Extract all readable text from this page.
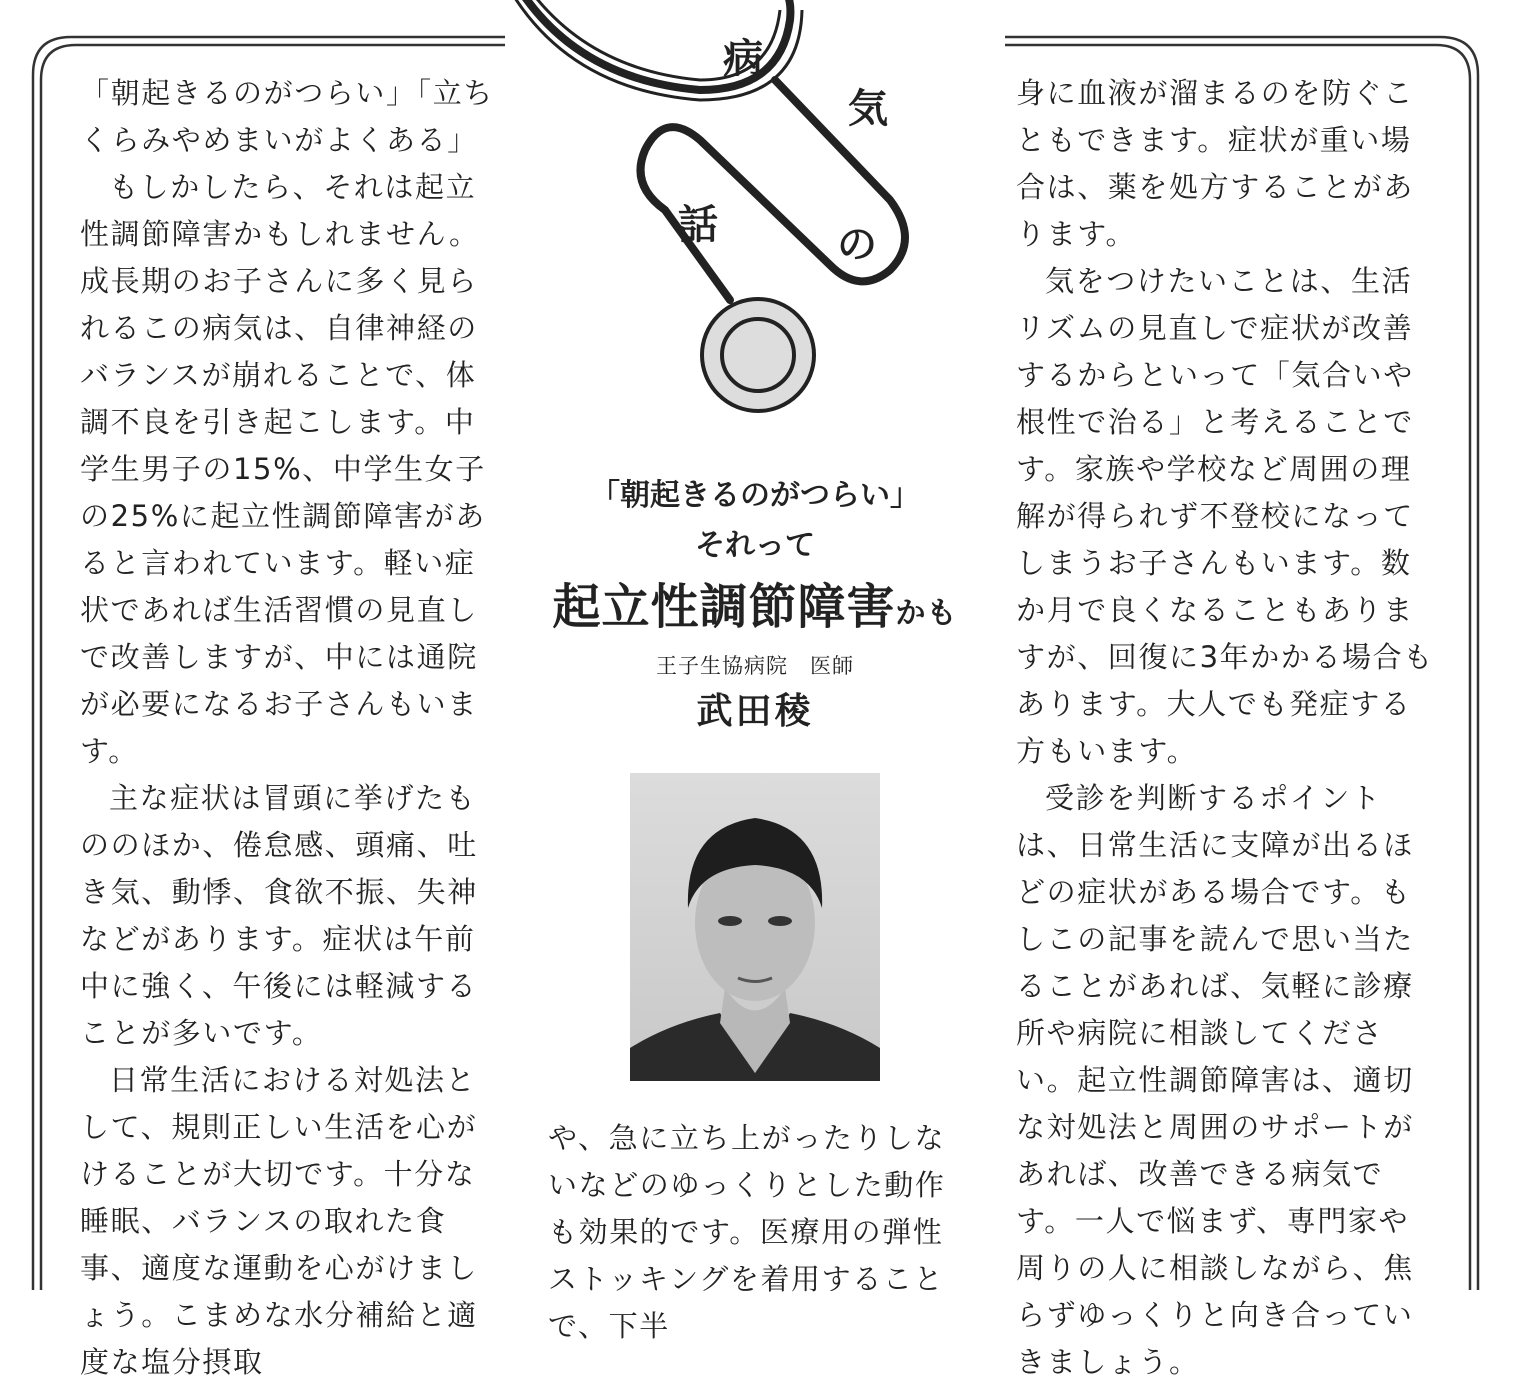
病
気
の
話
「朝起きるのがつらい」
それって
起立性調節障害かも
王子生協病院　医師
武田稜

「朝起きるのがつらい」「立ちくらみやめまいがよくある」

もしかしたら、それは起立性調節障害かもしれません。成長期のお子さんに多く見られるこの病気は、自律神経のバランスが崩れることで、体調不良を引き起こします。中学生男子の15%、中学生女子の25%に起立性調節障害があると言われています。軽い症状であれば生活習慣の見直しで改善しますが、中には通院が必要になるお子さんもいます。

主な症状は冒頭に挙げたもののほか、倦怠感、頭痛、吐き気、動悸、食欲不振、失神などがあります。症状は午前中に強く、午後には軽減することが多いです。

日常生活における対処法として、規則正しい生活を心がけることが大切です。十分な睡眠、バランスの取れた食事、適度な運動を心がけましょう。こまめな水分補給と適度な塩分摂取

や、急に立ち上がったりしないなどのゆっくりとした動作も効果的です。医療用の弾性ストッキングを着用することで、下半

身に血液が溜まるのを防ぐこともできます。症状が重い場合は、薬を処方することがあります。

気をつけたいことは、生活リズムの見直しで症状が改善するからといって「気合いや根性で治る」と考えることです。家族や学校など周囲の理解が得られず不登校になってしまうお子さんもいます。数か月で良くなることもありますが、回復に3年かかる場合もあります。大人でも発症する方もいます。

受診を判断するポイントは、日常生活に支障が出るほどの症状がある場合です。もしこの記事を読んで思い当たることがあれば、気軽に診療所や病院に相談してください。起立性調節障害は、適切な対処法と周囲のサポートがあれば、改善できる病気です。一人で悩まず、専門家や周りの人に相談しながら、焦らずゆっくりと向き合っていきましょう。
